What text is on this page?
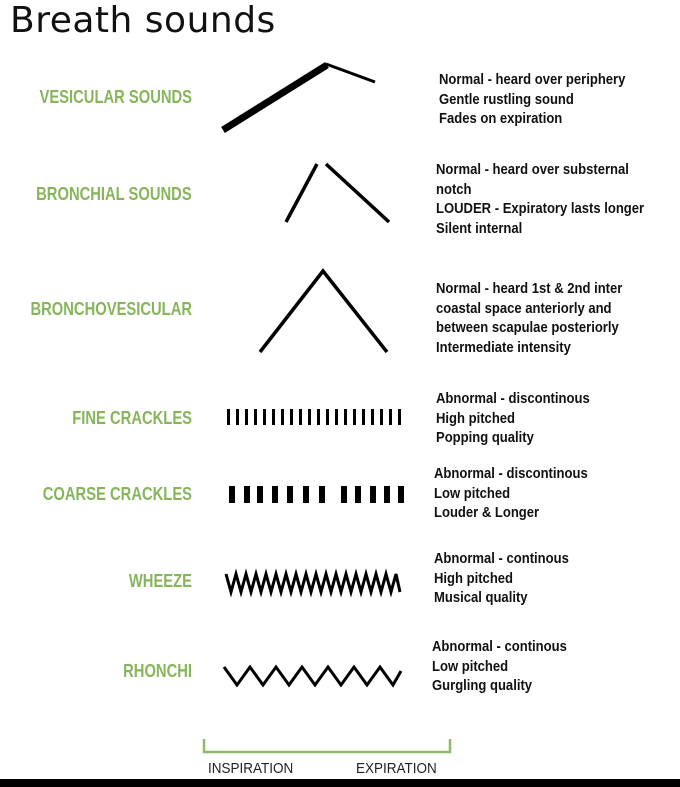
Breath sounds
VESICULAR SOUNDS
BRONCHIAL SOUNDS
BRONCHOVESICULAR
FINE CRACKLES
COARSE CRACKLES
WHEEZE
RHONCHI
Normal - heard over periphery
Gentle rustling sound
Fades on expiration
Normal - heard over substernal
notch
LOUDER - Expiratory lasts longer
Silent internal
Normal - heard 1st & 2nd inter
coastal space anteriorly and
between scapulae posteriorly
Intermediate intensity
Abnormal - discontinous
High pitched
Popping quality
Abnormal - discontinous
Low pitched
Louder & Longer
Abnormal - continous
High pitched
Musical quality
Abnormal - continous
Low pitched
Gurgling quality
INSPIRATION	EXPIRATION
